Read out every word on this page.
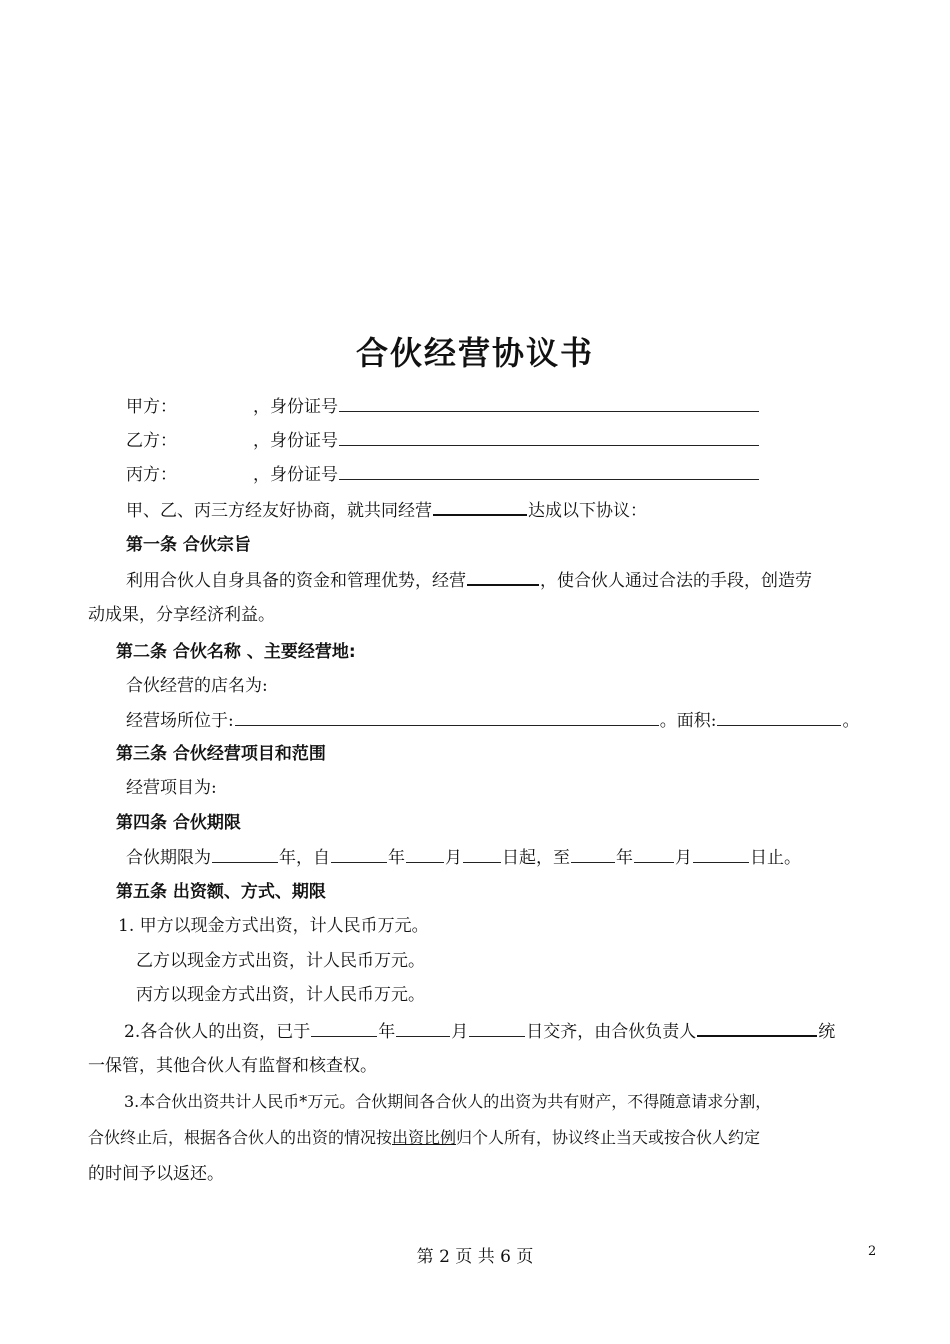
合伙经营协议书
甲方：	，身份证号
乙方：	，身份证号
丙方：	，身份证号
甲、乙、丙三方经友好协商，就共同经营	达成以下协议：
第一条 合伙宗旨
利用合伙人自身具备的资金和管理优势，经营	，使合伙人通过合法的手段，创造劳
动成果，分享经济利益。
第二条 合伙名称 、主要经营地:
合伙经营的店名为:
经营场所位于:	。面积:	。
第三条 合伙经营项目和范围
经营项目为:
第四条 合伙期限
合伙期限为	年，自	年 月 日起，至	年 月	日止。
第五条 出资额、方式、期限
1. 甲方以现金方式出资，计人民币万元。
乙方以现金方式出资，计人民币万元。
丙方以现金方式出资，计人民币万元。
2.各合伙人的出资，已于	年	月	日交齐，由合伙负责人	统
一保管，其他合伙人有监督和核查权。
3.本合伙出资共计人民币*万元。合伙期间各合伙人的出资为共有财产，不得随意请求分割，
合伙终止后，根据各合伙人的出资的情况按出资比例归个人所有，协议终止当天或按合伙人约定
的时间予以返还。
第 2 页 共 6 页	2
